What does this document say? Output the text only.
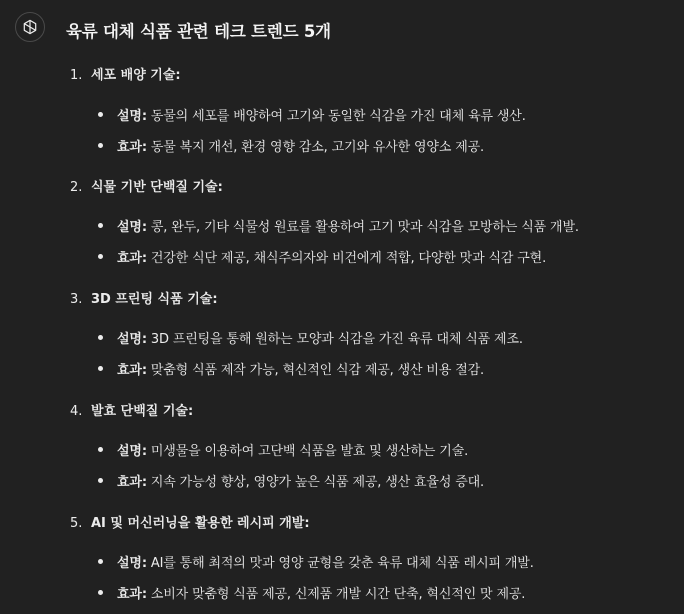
육류 대체 식품 관련 테크 트렌드 5개
1. 세포 배양 기술:
설명: 동물의 세포를 배양하여 고기와 동일한 식감을 가진 대체 육류 생산.
효과: 동물 복지 개선, 환경 영향 감소, 고기와 유사한 영양소 제공.
2. 식물 기반 단백질 기술:
설명: 콩, 완두, 기타 식물성 원료를 활용하여 고기 맛과 식감을 모방하는 식품 개발.
효과: 건강한 식단 제공, 채식주의자와 비건에게 적합, 다양한 맛과 식감 구현.
3. 3D 프린팅 식품 기술:
설명: 3D 프린팅을 통해 원하는 모양과 식감을 가진 육류 대체 식품 제조.
효과: 맞춤형 식품 제작 가능, 혁신적인 식감 제공, 생산 비용 절감.
4. 발효 단백질 기술:
설명: 미생물을 이용하여 고단백 식품을 발효 및 생산하는 기술.
효과: 지속 가능성 향상, 영양가 높은 식품 제공, 생산 효율성 증대.
5. AI 및 머신러닝을 활용한 레시피 개발:
설명: AI를 통해 최적의 맛과 영양 균형을 갖춘 육류 대체 식품 레시피 개발.
효과: 소비자 맞춤형 식품 제공, 신제품 개발 시간 단축, 혁신적인 맛 제공.
